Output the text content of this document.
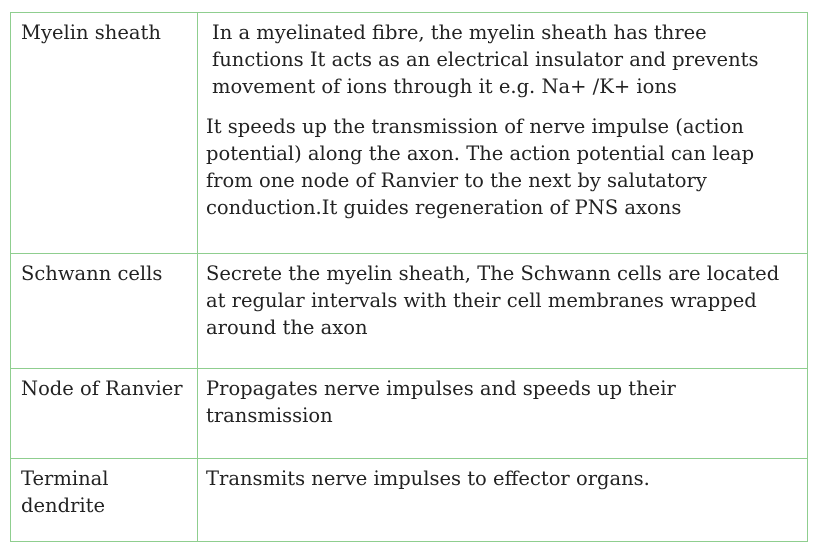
Myelin sheath	In a myelinated fibre, the myelin sheath has three functions It acts as an electrical insulator and prevents movement of ions through it e.g. Na+ /K+ ions

It speeds up the transmission of nerve impulse (action potential) along the axon. The action potential can leap from one node of Ranvier to the next by salutatory conduction.It guides regeneration of PNS axons

Schwann cells	Secrete the myelin sheath, The Schwann cells are located at regular intervals with their cell membranes wrapped around the axon

Node of Ranvier	Propagates nerve impulses and speeds up their transmission

Terminal dendrite	Transmits nerve impulses to effector organs.
